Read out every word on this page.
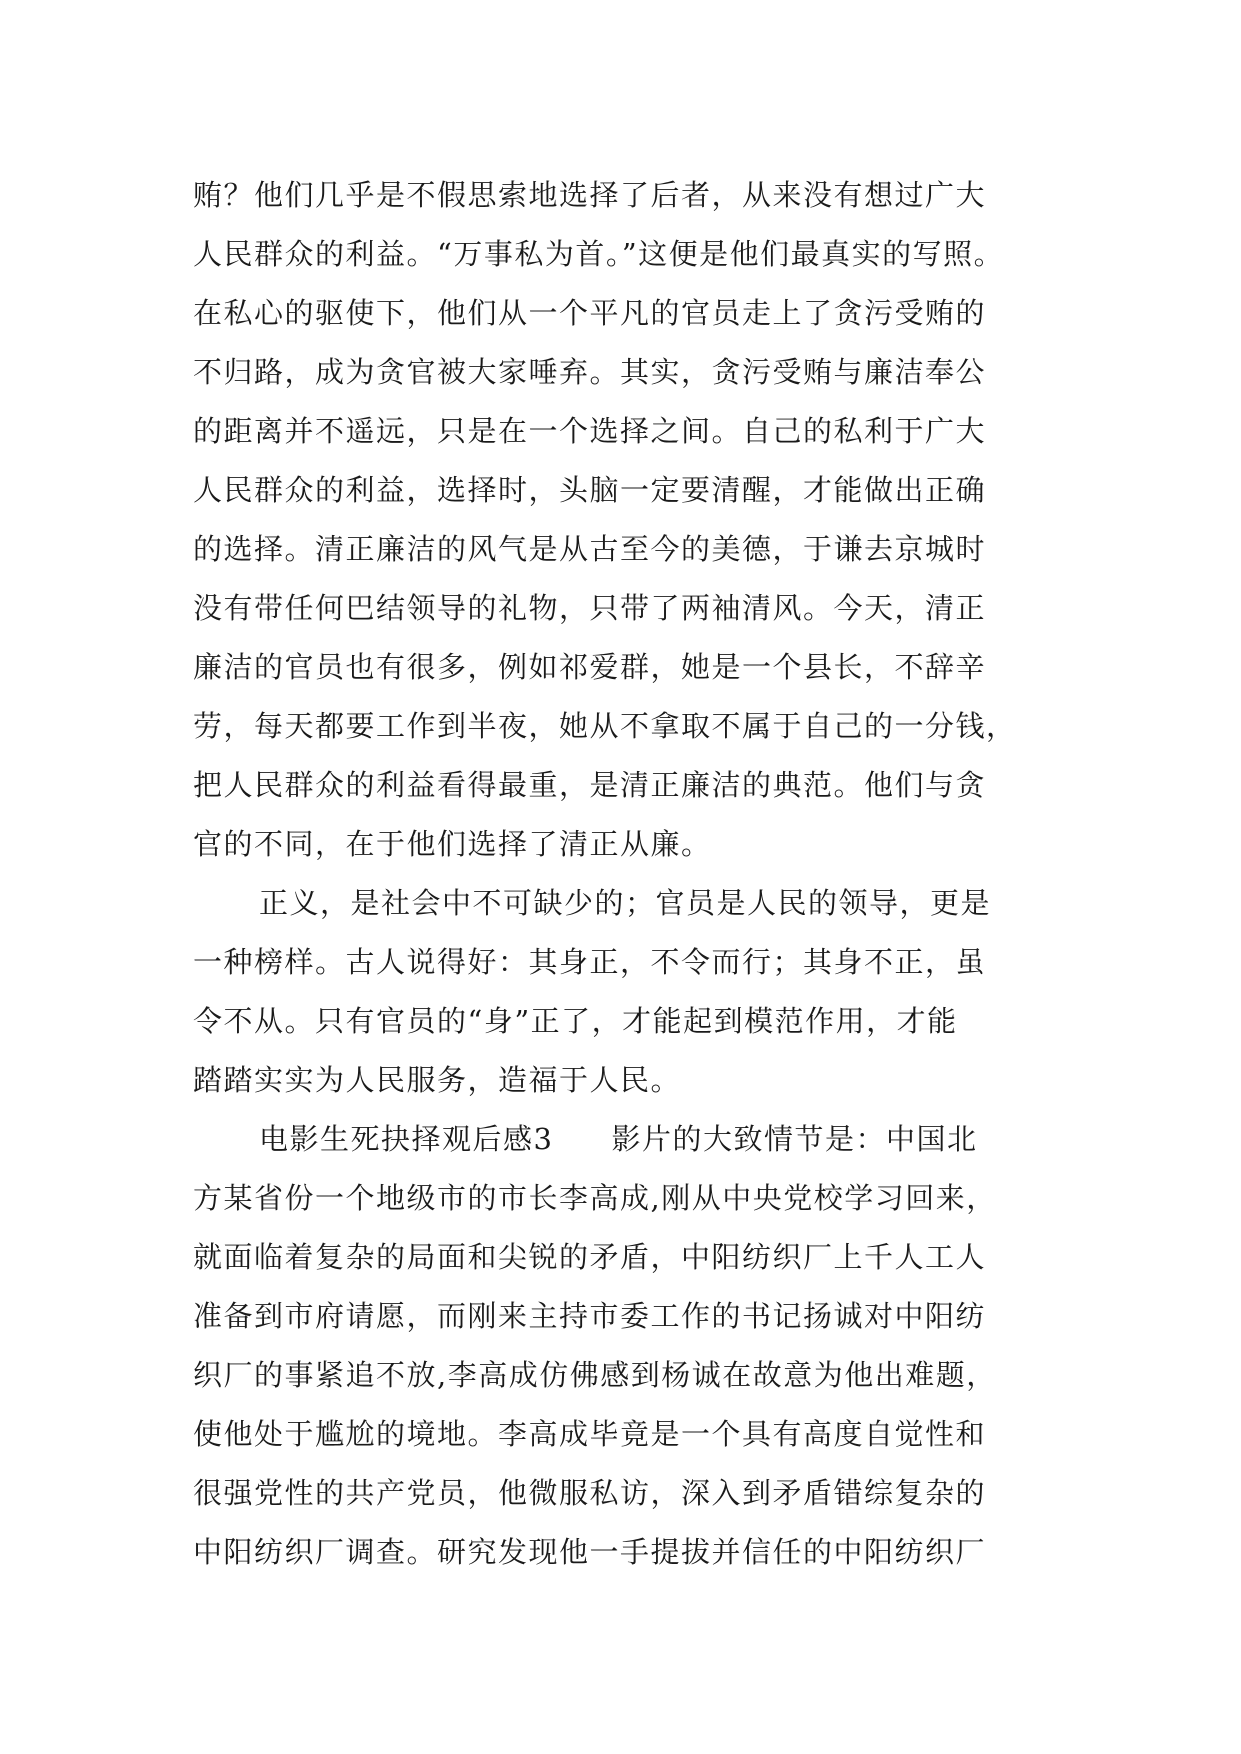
贿？他们几乎是不假思索地选择了后者，从来没有想过广大
人民群众的利益。“万事私为首。”这便是他们最真实的写照。
在私心的驱使下，他们从一个平凡的官员走上了贪污受贿的
不归路，成为贪官被大家唾弃。其实，贪污受贿与廉洁奉公
的距离并不遥远，只是在一个选择之间。自己的私利于广大
人民群众的利益，选择时，头脑一定要清醒，才能做出正确
的选择。清正廉洁的风气是从古至今的美德，于谦去京城时
没有带任何巴结领导的礼物，只带了两袖清风。今天，清正
廉洁的官员也有很多，例如祁爱群，她是一个县长，不辞辛
劳，每天都要工作到半夜，她从不拿取不属于自己的一分钱，
把人民群众的利益看得最重，是清正廉洁的典范。他们与贪
官的不同，在于他们选择了清正从廉。
正义，是社会中不可缺少的；官员是人民的领导，更是
一种榜样。古人说得好：其身正，不令而行；其身不正，虽
令不从。只有官员的“身”正了，才能起到模范作用，才能
踏踏实实为人民服务，造福于人民。
电影生死抉择观后感3 影片的大致情节是：中国北
方某省份一个地级市的市长李高成,刚从中央党校学习回来，
就面临着复杂的局面和尖锐的矛盾，中阳纺织厂上千人工人
准备到市府请愿，而刚来主持市委工作的书记扬诚对中阳纺
织厂的事紧追不放,李高成仿佛感到杨诚在故意为他出难题，
使他处于尴尬的境地。李高成毕竟是一个具有高度自觉性和
很强党性的共产党员，他微服私访，深入到矛盾错综复杂的
中阳纺织厂调查。研究发现他一手提拔并信任的中阳纺织厂
